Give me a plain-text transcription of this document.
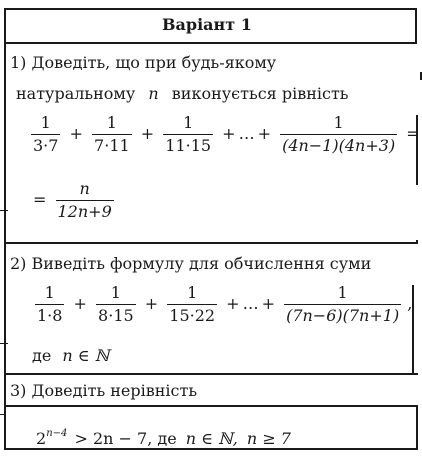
Варіант 1
1) Доведіть, що при будь-якому
натуральному n виконується рівність
$\frac{1}{3\cdot 7} + \frac{1}{7\cdot 11} + \frac{1}{11\cdot 15}$ + … + $\frac{1}{(4n-1)(4n+3)}$ =
= $\frac{n}{12n+9}$
2) Виведіть формулу для обчислення суми
$\frac{1}{1\cdot 8} + \frac{1}{8\cdot 15} + \frac{1}{15\cdot 22}$ + … + $\frac{1}{(7n-6)(7n+1)}$ ,
де n ∈ ℕ
3) Доведіть нерівність
$2^{n-4} > 2n - 7$, де n ∈ ℕ, n ≥ 7
